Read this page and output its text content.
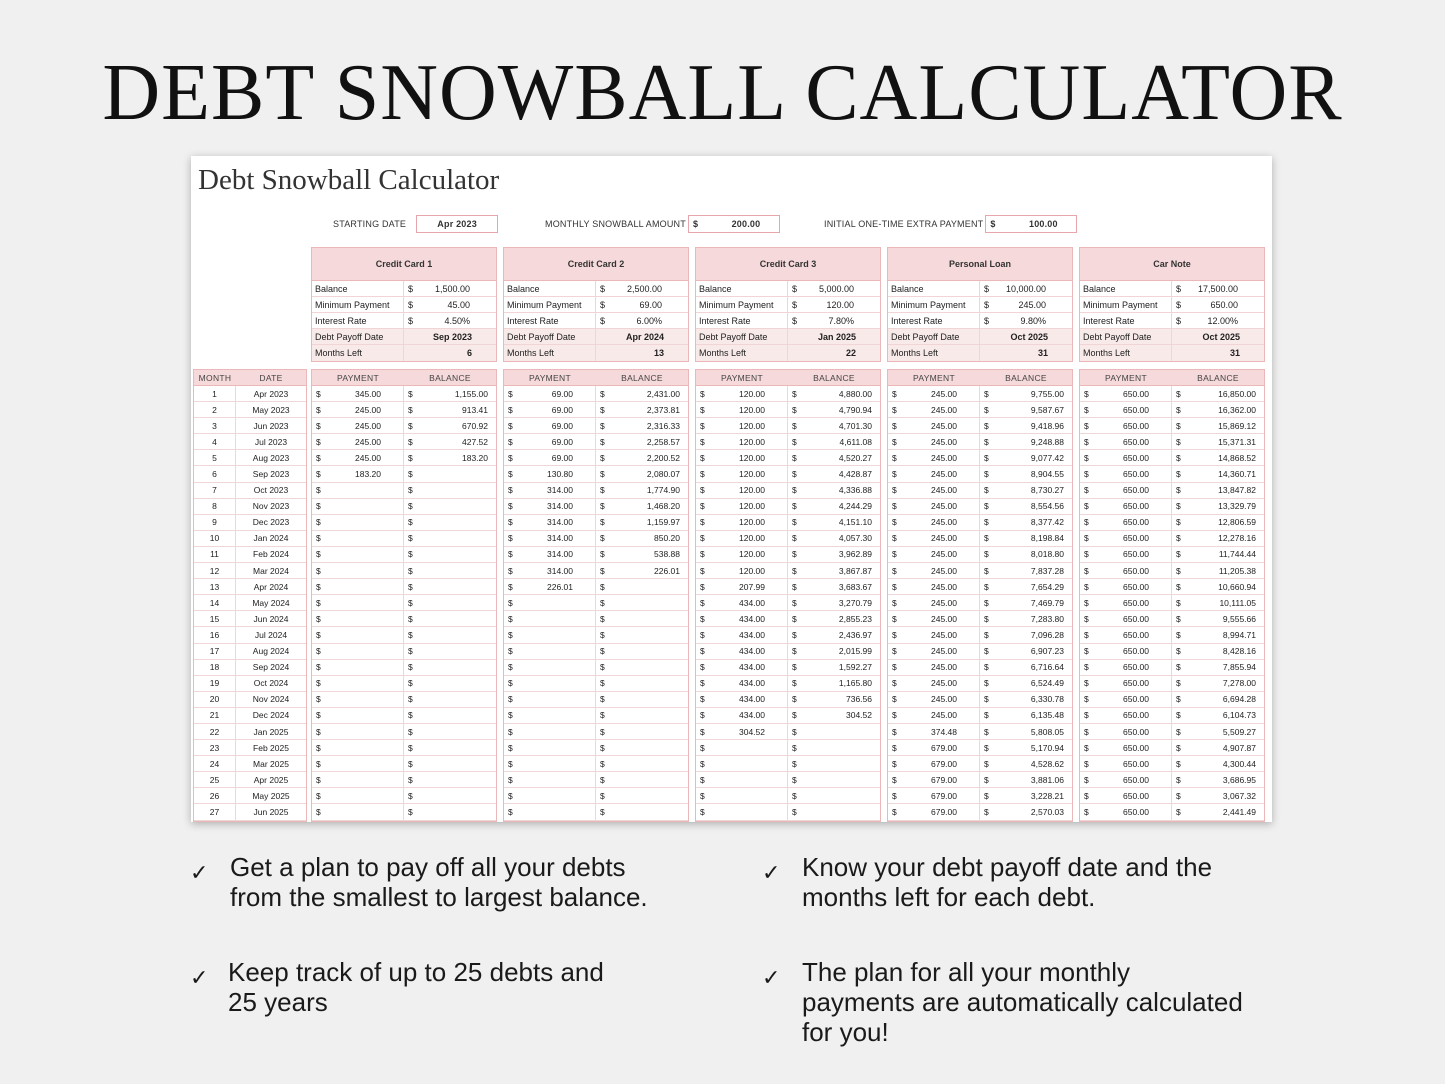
DEBT SNOWBALL CALCULATOR
Debt Snowball Calculator
STARTING DATE	Apr 2023	MONTHLY SNOWBALL AMOUNT $	200.00	INITIAL ONE-TIME EXTRA PAYMENT $	100.00
Credit Card 1
Balance	$	1,500.00
Minimum Payment	$	45.00
Interest Rate	$	4.50%
Debt Payoff Date	Sep 2023
Months Left	6
Credit Card 2
Balance	$	2,500.00
Minimum Payment	$	69.00
Interest Rate	$	6.00%
Debt Payoff Date	Apr 2024
Months Left	13
Credit Card 3
Balance	$	5,000.00
Minimum Payment	$	120.00
Interest Rate	$	7.80%
Debt Payoff Date	Jan 2025
Months Left	22
Personal Loan
Balance	$	10,000.00
Minimum Payment	$	245.00
Interest Rate	$	9.80%
Debt Payoff Date	Oct 2025
Months Left	31
Car Note
Balance	$	17,500.00
Minimum Payment	$	650.00
Interest Rate	$	12.00%
Debt Payoff Date	Oct 2025
Months Left	31
MONTH	DATE
1	Apr 2023
2	May 2023
3	Jun 2023
4	Jul 2023
5	Aug 2023
6	Sep 2023
7	Oct 2023
8	Nov 2023
9	Dec 2023
10	Jan 2024
11	Feb 2024
12	Mar 2024
13	Apr 2024
14	May 2024
15	Jun 2024
16	Jul 2024
17	Aug 2024
18	Sep 2024
19	Oct 2024
20	Nov 2024
21	Dec 2024
22	Jan 2025
23	Feb 2025
24	Mar 2025
25	Apr 2025
26	May 2025
27	Jun 2025
PAYMENT	BALANCE
$	345.00	$	1,155.00
$	245.00	$	913.41
$	245.00	$	670.92
$	245.00	$	427.52
$	245.00	$	183.20
$	183.20	$
$	$
$	$
$	$
$	$
$	$
$	$
$	$
$	$
$	$
$	$
$	$
$	$
$	$
$	$
$	$
$	$
$	$
$	$
$	$
$	$
$	$
PAYMENT	BALANCE
$	69.00	$	2,431.00
$	69.00	$	2,373.81
$	69.00	$	2,316.33
$	69.00	$	2,258.57
$	69.00	$	2,200.52
$	130.80	$	2,080.07
$	314.00	$	1,774.90
$	314.00	$	1,468.20
$	314.00	$	1,159.97
$	314.00	$	850.20
$	314.00	$	538.88
$	314.00	$	226.01
$	226.01	$
$	$
$	$
$	$
$	$
$	$
$	$
$	$
$	$
$	$
$	$
$	$
$	$
$	$
$	$
PAYMENT	BALANCE
$	120.00	$	4,880.00
$	120.00	$	4,790.94
$	120.00	$	4,701.30
$	120.00	$	4,611.08
$	120.00	$	4,520.27
$	120.00	$	4,428.87
$	120.00	$	4,336.88
$	120.00	$	4,244.29
$	120.00	$	4,151.10
$	120.00	$	4,057.30
$	120.00	$	3,962.89
$	120.00	$	3,867.87
$	207.99	$	3,683.67
$	434.00	$	3,270.79
$	434.00	$	2,855.23
$	434.00	$	2,436.97
$	434.00	$	2,015.99
$	434.00	$	1,592.27
$	434.00	$	1,165.80
$	434.00	$	736.56
$	434.00	$	304.52
$	304.52	$
$	$
$	$
$	$
$	$
$	$
PAYMENT	BALANCE
$	245.00	$	9,755.00
$	245.00	$	9,587.67
$	245.00	$	9,418.96
$	245.00	$	9,248.88
$	245.00	$	9,077.42
$	245.00	$	8,904.55
$	245.00	$	8,730.27
$	245.00	$	8,554.56
$	245.00	$	8,377.42
$	245.00	$	8,198.84
$	245.00	$	8,018.80
$	245.00	$	7,837.28
$	245.00	$	7,654.29
$	245.00	$	7,469.79
$	245.00	$	7,283.80
$	245.00	$	7,096.28
$	245.00	$	6,907.23
$	245.00	$	6,716.64
$	245.00	$	6,524.49
$	245.00	$	6,330.78
$	245.00	$	6,135.48
$	374.48	$	5,808.05
$	679.00	$	5,170.94
$	679.00	$	4,528.62
$	679.00	$	3,881.06
$	679.00	$	3,228.21
$	679.00	$	2,570.03
PAYMENT	BALANCE
$	650.00	$	16,850.00
$	650.00	$	16,362.00
$	650.00	$	15,869.12
$	650.00	$	15,371.31
$	650.00	$	14,868.52
$	650.00	$	14,360.71
$	650.00	$	13,847.82
$	650.00	$	13,329.79
$	650.00	$	12,806.59
$	650.00	$	12,278.16
$	650.00	$	11,744.44
$	650.00	$	11,205.38
$	650.00	$	10,660.94
$	650.00	$	10,111.05
$	650.00	$	9,555.66
$	650.00	$	8,994.71
$	650.00	$	8,428.16
$	650.00	$	7,855.94
$	650.00	$	7,278.00
$	650.00	$	6,694.28
$	650.00	$	6,104.73
$	650.00	$	5,509.27
$	650.00	$	4,907.87
$	650.00	$	4,300.44
$	650.00	$	3,686.95
$	650.00	$	3,067.32
$	650.00	$	2,441.49
✓ Get a plan to pay off all your debts
from the smallest to largest balance.
✓ Know your debt payoff date and the
months left for each debt.
✓ Keep track of up to 25 debts and
25 years
✓ The plan for all your monthly
payments are automatically calculated
for you!
